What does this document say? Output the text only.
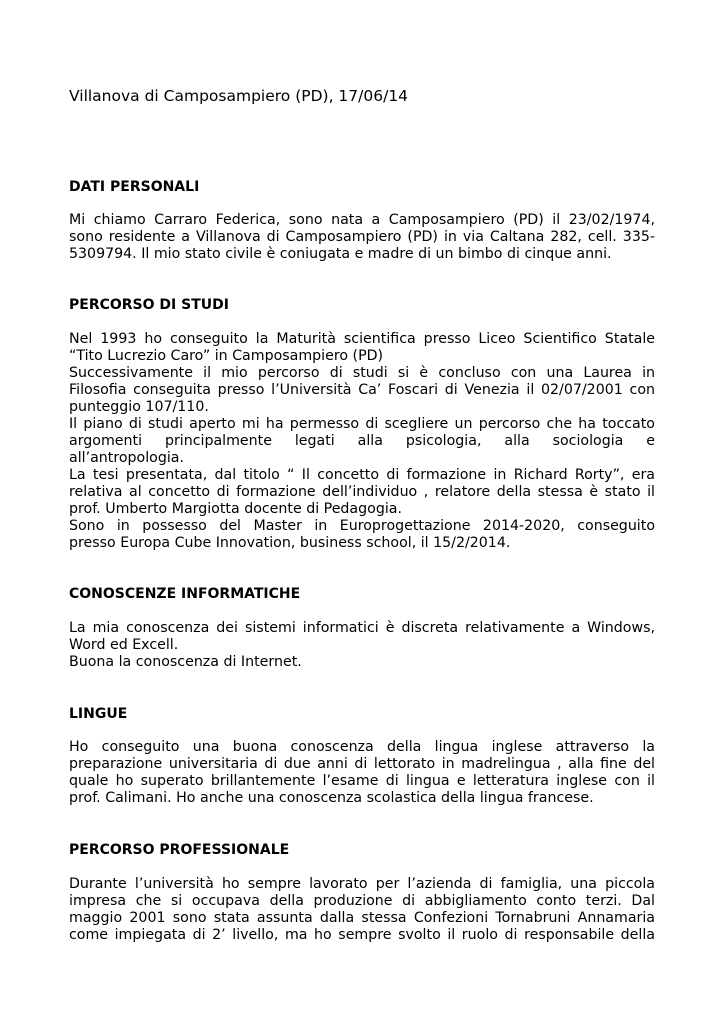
Villanova di Camposampiero (PD), 17/06/14
DATI PERSONALI
Mi chiamo Carraro Federica, sono nata a Camposampiero (PD) il 23/02/1974,
sono residente a Villanova di Camposampiero (PD) in via Caltana 282, cell. 335-
5309794. Il mio stato civile è coniugata e madre di un bimbo di cinque anni.
PERCORSO DI STUDI
Nel 1993 ho conseguito la Maturità scientifica presso Liceo Scientifico Statale
“Tito Lucrezio Caro” in Camposampiero (PD)
Successivamente il mio percorso di studi si è concluso con una Laurea in
Filosofia conseguita presso l’Università Ca’ Foscari di Venezia il 02/07/2001 con
punteggio 107/110.
Il piano di studi aperto mi ha permesso di scegliere un percorso che ha toccato
argomenti principalmente legati alla psicologia, alla sociologia e
all’antropologia.
La tesi presentata, dal titolo “ Il concetto di formazione in Richard Rorty”, era
relativa al concetto di formazione dell’individuo , relatore della stessa è stato il
prof. Umberto Margiotta docente di Pedagogia.
Sono in possesso del Master in Europrogettazione 2014-2020, conseguito
presso Europa Cube Innovation, business school, il 15/2/2014.
CONOSCENZE INFORMATICHE
La mia conoscenza dei sistemi informatici è discreta relativamente a Windows,
Word ed Excell.
Buona la conoscenza di Internet.
LINGUE
Ho conseguito una buona conoscenza della lingua inglese attraverso la
preparazione universitaria di due anni di lettorato in madrelingua , alla fine del
quale ho superato brillantemente l’esame di lingua e letteratura inglese con il
prof. Calimani. Ho anche una conoscenza scolastica della lingua francese.
PERCORSO PROFESSIONALE
Durante l’università ho sempre lavorato per l’azienda di famiglia, una piccola
impresa che si occupava della produzione di abbigliamento conto terzi. Dal
maggio 2001 sono stata assunta dalla stessa Confezioni Tornabruni Annamaria
come impiegata di 2’ livello, ma ho sempre svolto il ruolo di responsabile della
